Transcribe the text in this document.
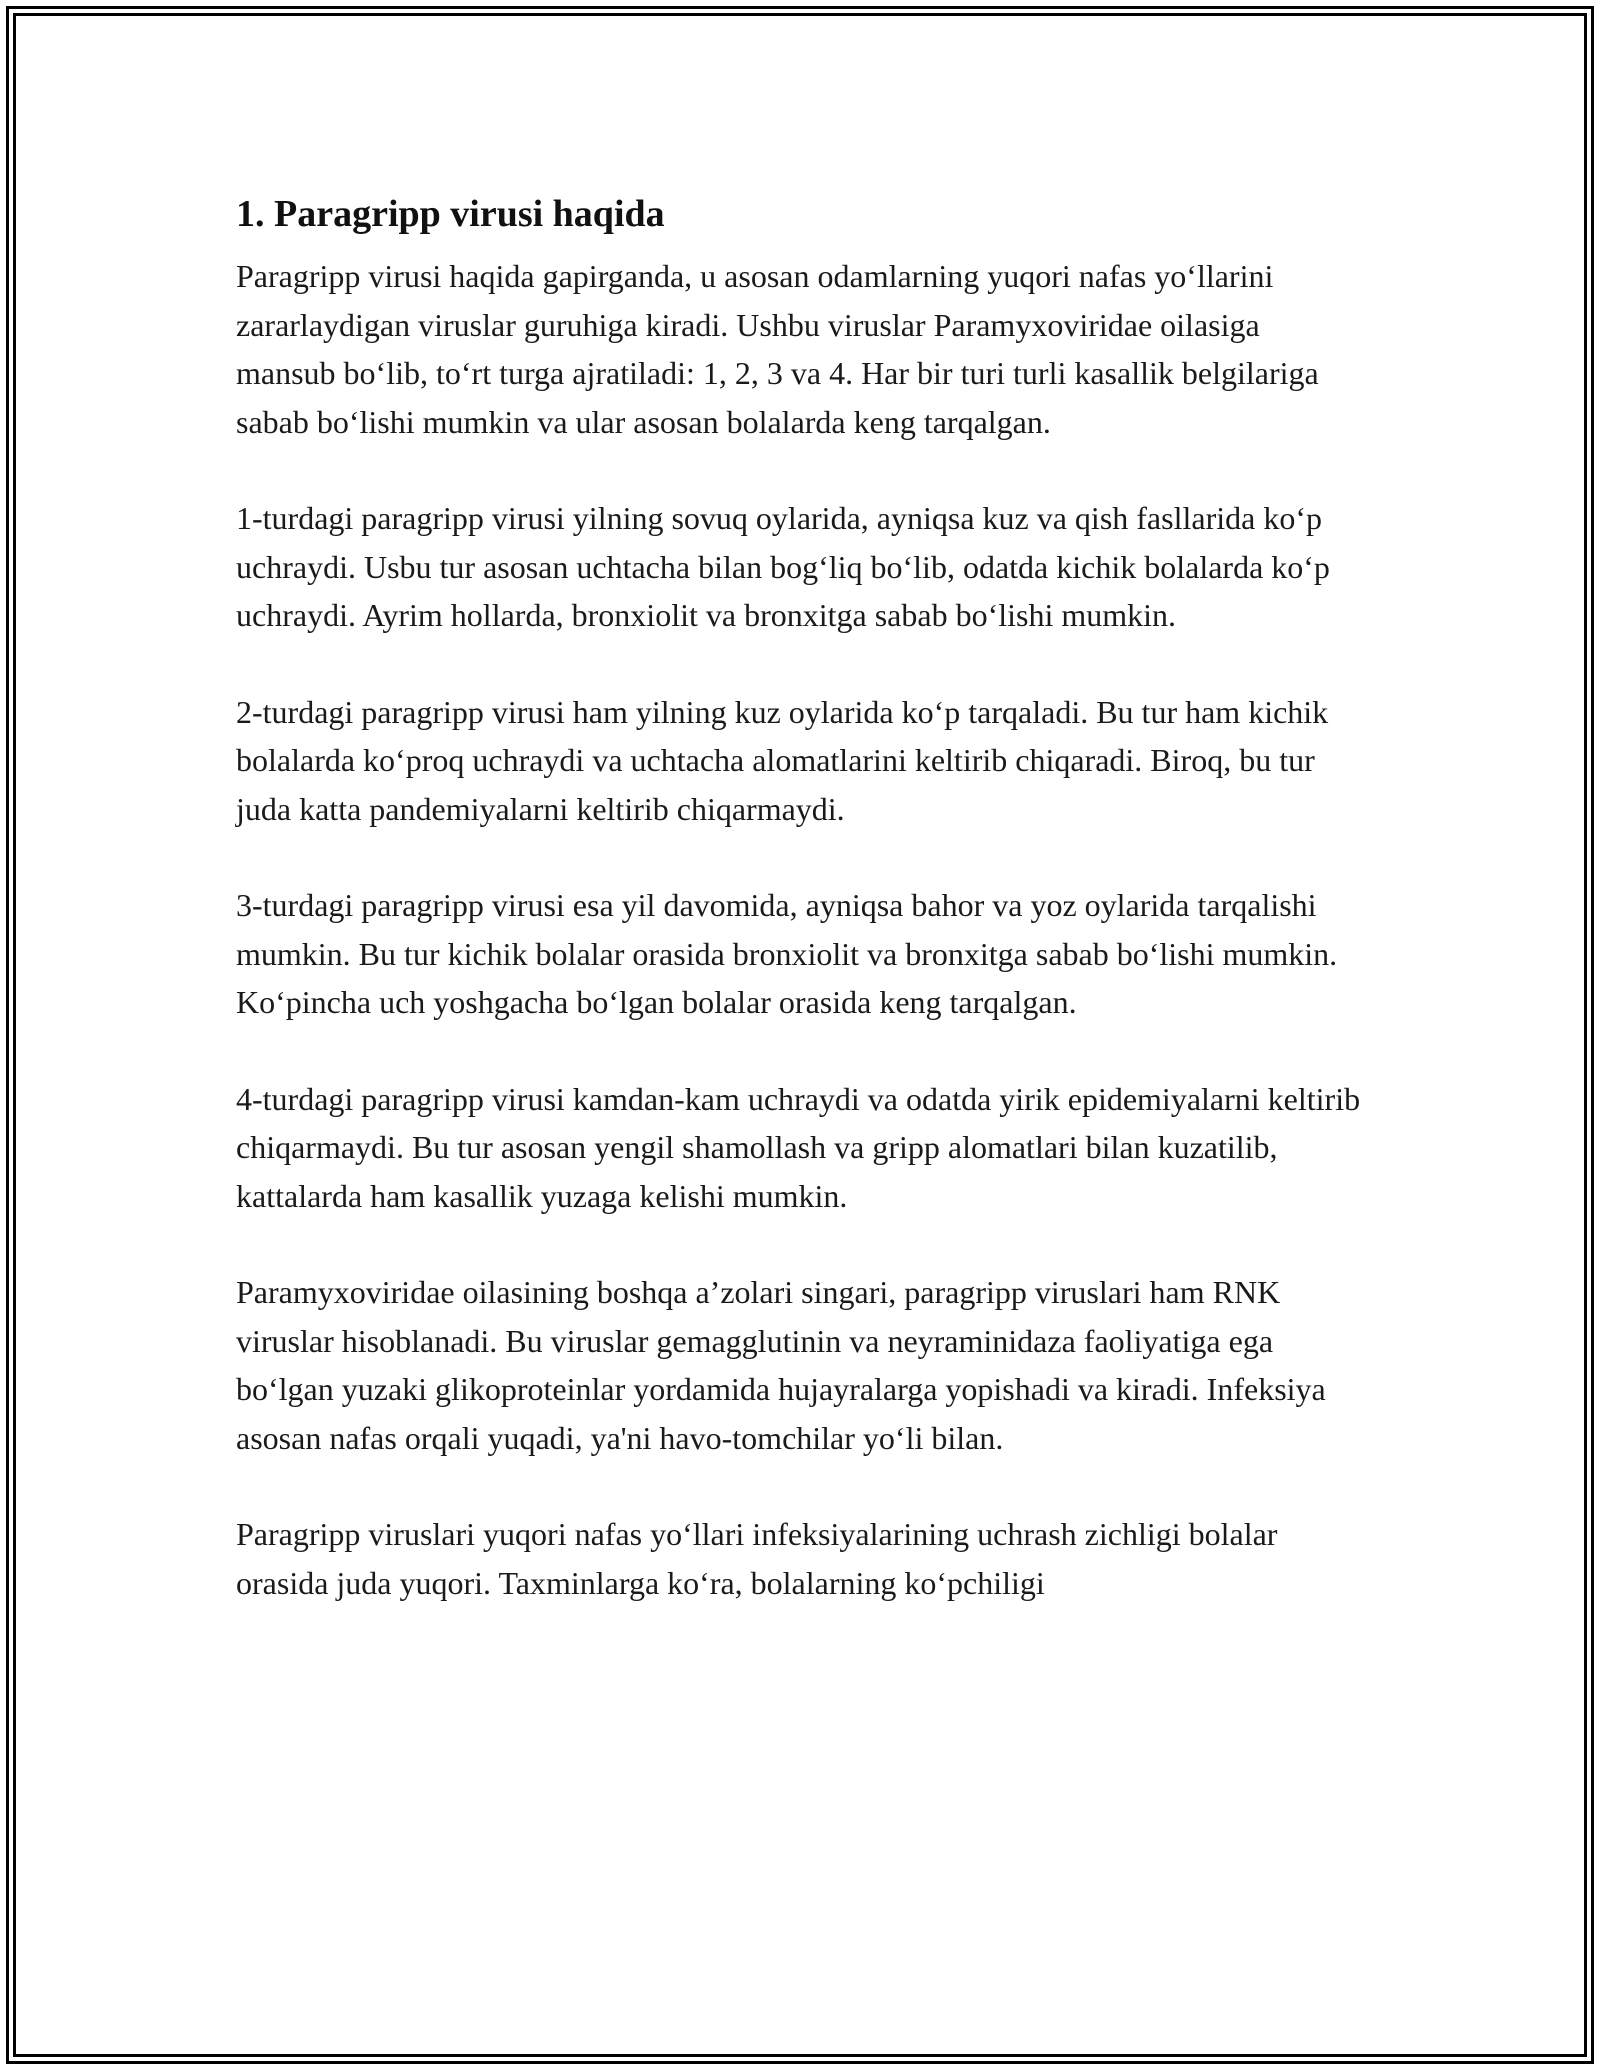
1. Paragripp virusi haqida

Paragripp virusi haqida gapirganda, u asosan odamlarning yuqori nafas yo‘llarini zararlaydigan viruslar guruhiga kiradi. Ushbu viruslar Paramyxoviridae oilasiga mansub bo‘lib, to‘rt turga ajratiladi: 1, 2, 3 va 4. Har bir turi turli kasallik belgilariga sabab bo‘lishi mumkin va ular asosan bolalarda keng tarqalgan.

1-turdagi paragripp virusi yilning sovuq oylarida, ayniqsa kuz va qish fasllarida ko‘p uchraydi. Usbu tur asosan uchtacha bilan bog‘liq bo‘lib, odatda kichik bolalarda ko‘p uchraydi. Ayrim hollarda, bronxiolit va bronxitga sabab bo‘lishi mumkin.

2-turdagi paragripp virusi ham yilning kuz oylarida ko‘p tarqaladi. Bu tur ham kichik bolalarda ko‘proq uchraydi va uchtacha alomatlarini keltirib chiqaradi. Biroq, bu tur juda katta pandemiyalarni keltirib chiqarmaydi.

3-turdagi paragripp virusi esa yil davomida, ayniqsa bahor va yoz oylarida tarqalishi mumkin. Bu tur kichik bolalar orasida bronxiolit va bronxitga sabab bo‘lishi mumkin. Ko‘pincha uch yoshgacha bo‘lgan bolalar orasida keng tarqalgan.

4-turdagi paragripp virusi kamdan-kam uchraydi va odatda yirik epidemiyalarni keltirib chiqarmaydi. Bu tur asosan yengil shamollash va gripp alomatlari bilan kuzatilib, kattalarda ham kasallik yuzaga kelishi mumkin.

Paramyxoviridae oilasining boshqa a’zolari singari, paragripp viruslari ham RNK viruslar hisoblanadi. Bu viruslar gemagglutinin va neyraminidaza faoliyatiga ega bo‘lgan yuzaki glikoproteinlar yordamida hujayralarga yopishadi va kiradi. Infeksiya asosan nafas orqali yuqadi, ya'ni havo-tomchilar yo‘li bilan.

Paragripp viruslari yuqori nafas yo‘llari infeksiyalarining uchrash zichligi bolalar orasida juda yuqori. Taxminlarga ko‘ra, bolalarning ko‘pchiligi
